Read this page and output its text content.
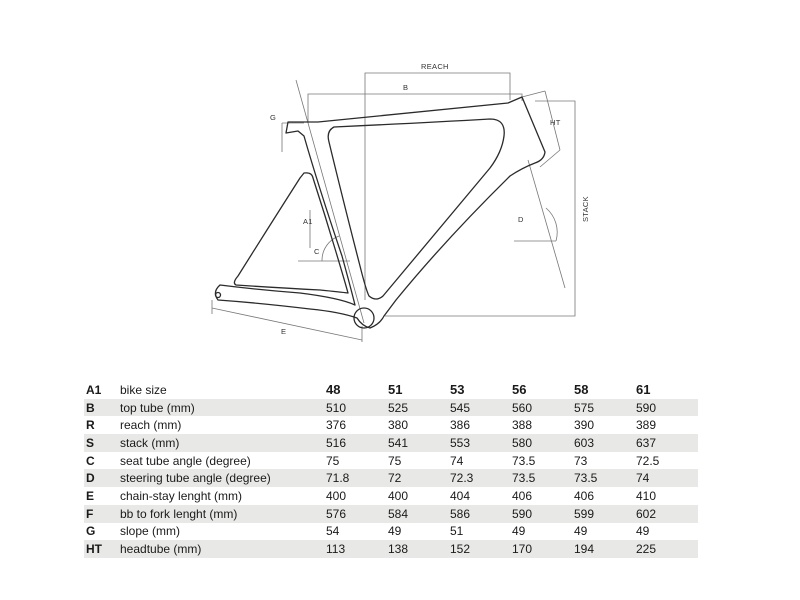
REACH
B
G
HT
STACK
A1
C
D
E
A1	bike size	48	51	53	56	58	61
B	top tube (mm)	510	525	545	560	575	590
R	reach (mm)	376	380	386	388	390	389
S	stack (mm)	516	541	553	580	603	637
C	seat tube angle (degree)	75	75	74	73.5	73	72.5
D	steering tube angle (degree)	71.8	72	72.3	73.5	73.5	74
E	chain-stay lenght (mm)	400	400	404	406	406	410
F	bb to fork lenght (mm)	576	584	586	590	599	602
G	slope (mm)	54	49	51	49	49	49
HT	headtube (mm)	113	138	152	170	194	225
